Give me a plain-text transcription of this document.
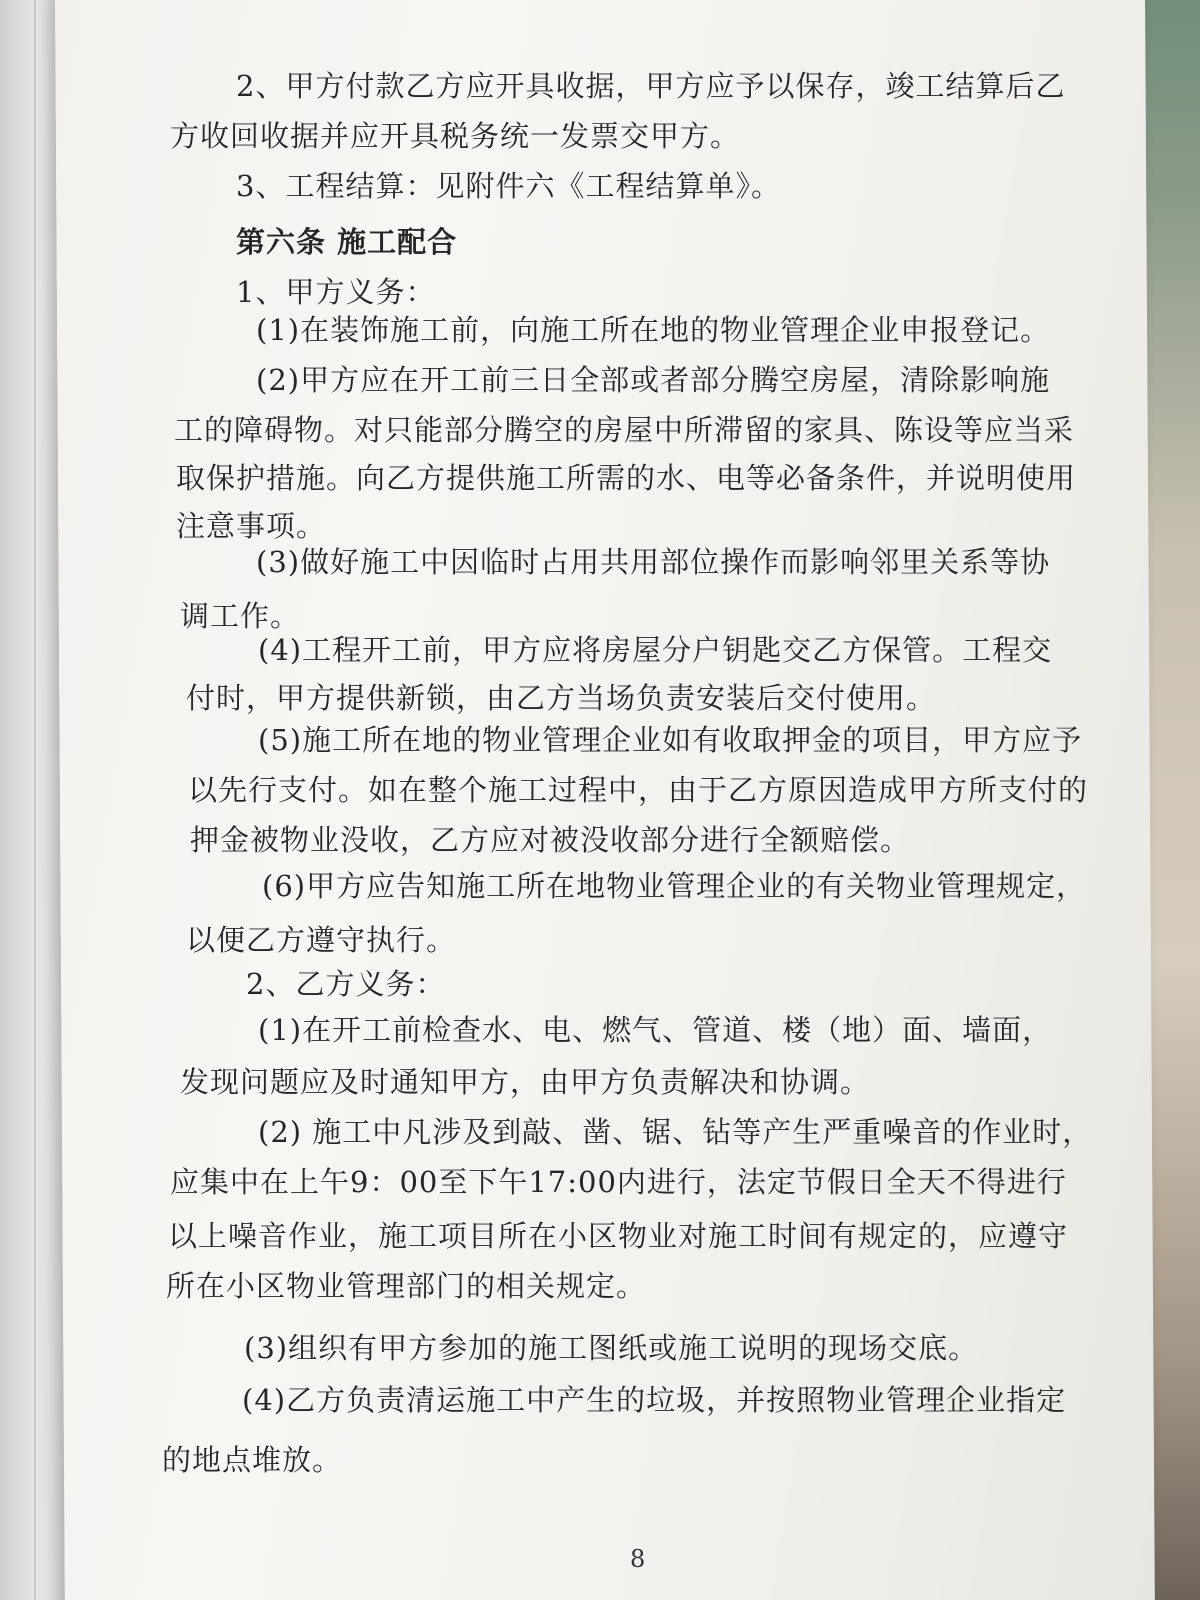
2、甲方付款乙方应开具收据，甲方应予以保存，竣工结算后乙
方收回收据并应开具税务统一发票交甲方。
3、工程结算：见附件六《工程结算单》。
第六条 施工配合
1、甲方义务：
(1)在装饰施工前，向施工所在地的物业管理企业申报登记。
(2)甲方应在开工前三日全部或者部分腾空房屋，清除影响施
工的障碍物。对只能部分腾空的房屋中所滞留的家具、陈设等应当采
取保护措施。向乙方提供施工所需的水、电等必备条件，并说明使用
注意事项。
(3)做好施工中因临时占用共用部位操作而影响邻里关系等协
调工作。
(4)工程开工前，甲方应将房屋分户钥匙交乙方保管。工程交
付时，甲方提供新锁，由乙方当场负责安装后交付使用。
(5)施工所在地的物业管理企业如有收取押金的项目，甲方应予
以先行支付。如在整个施工过程中，由于乙方原因造成甲方所支付的
押金被物业没收，乙方应对被没收部分进行全额赔偿。
(6)甲方应告知施工所在地物业管理企业的有关物业管理规定，
以便乙方遵守执行。
2、乙方义务：
(1)在开工前检查水、电、燃气、管道、楼（地）面、墙面，
发现问题应及时通知甲方，由甲方负责解决和协调。
(2) 施工中凡涉及到敲、凿、锯、钻等产生严重噪音的作业时，
应集中在上午9：00至下午17:00内进行，法定节假日全天不得进行
以上噪音作业，施工项目所在小区物业对施工时间有规定的，应遵守
所在小区物业管理部门的相关规定。
(3)组织有甲方参加的施工图纸或施工说明的现场交底。
(4)乙方负责清运施工中产生的垃圾，并按照物业管理企业指定
的地点堆放。
8
